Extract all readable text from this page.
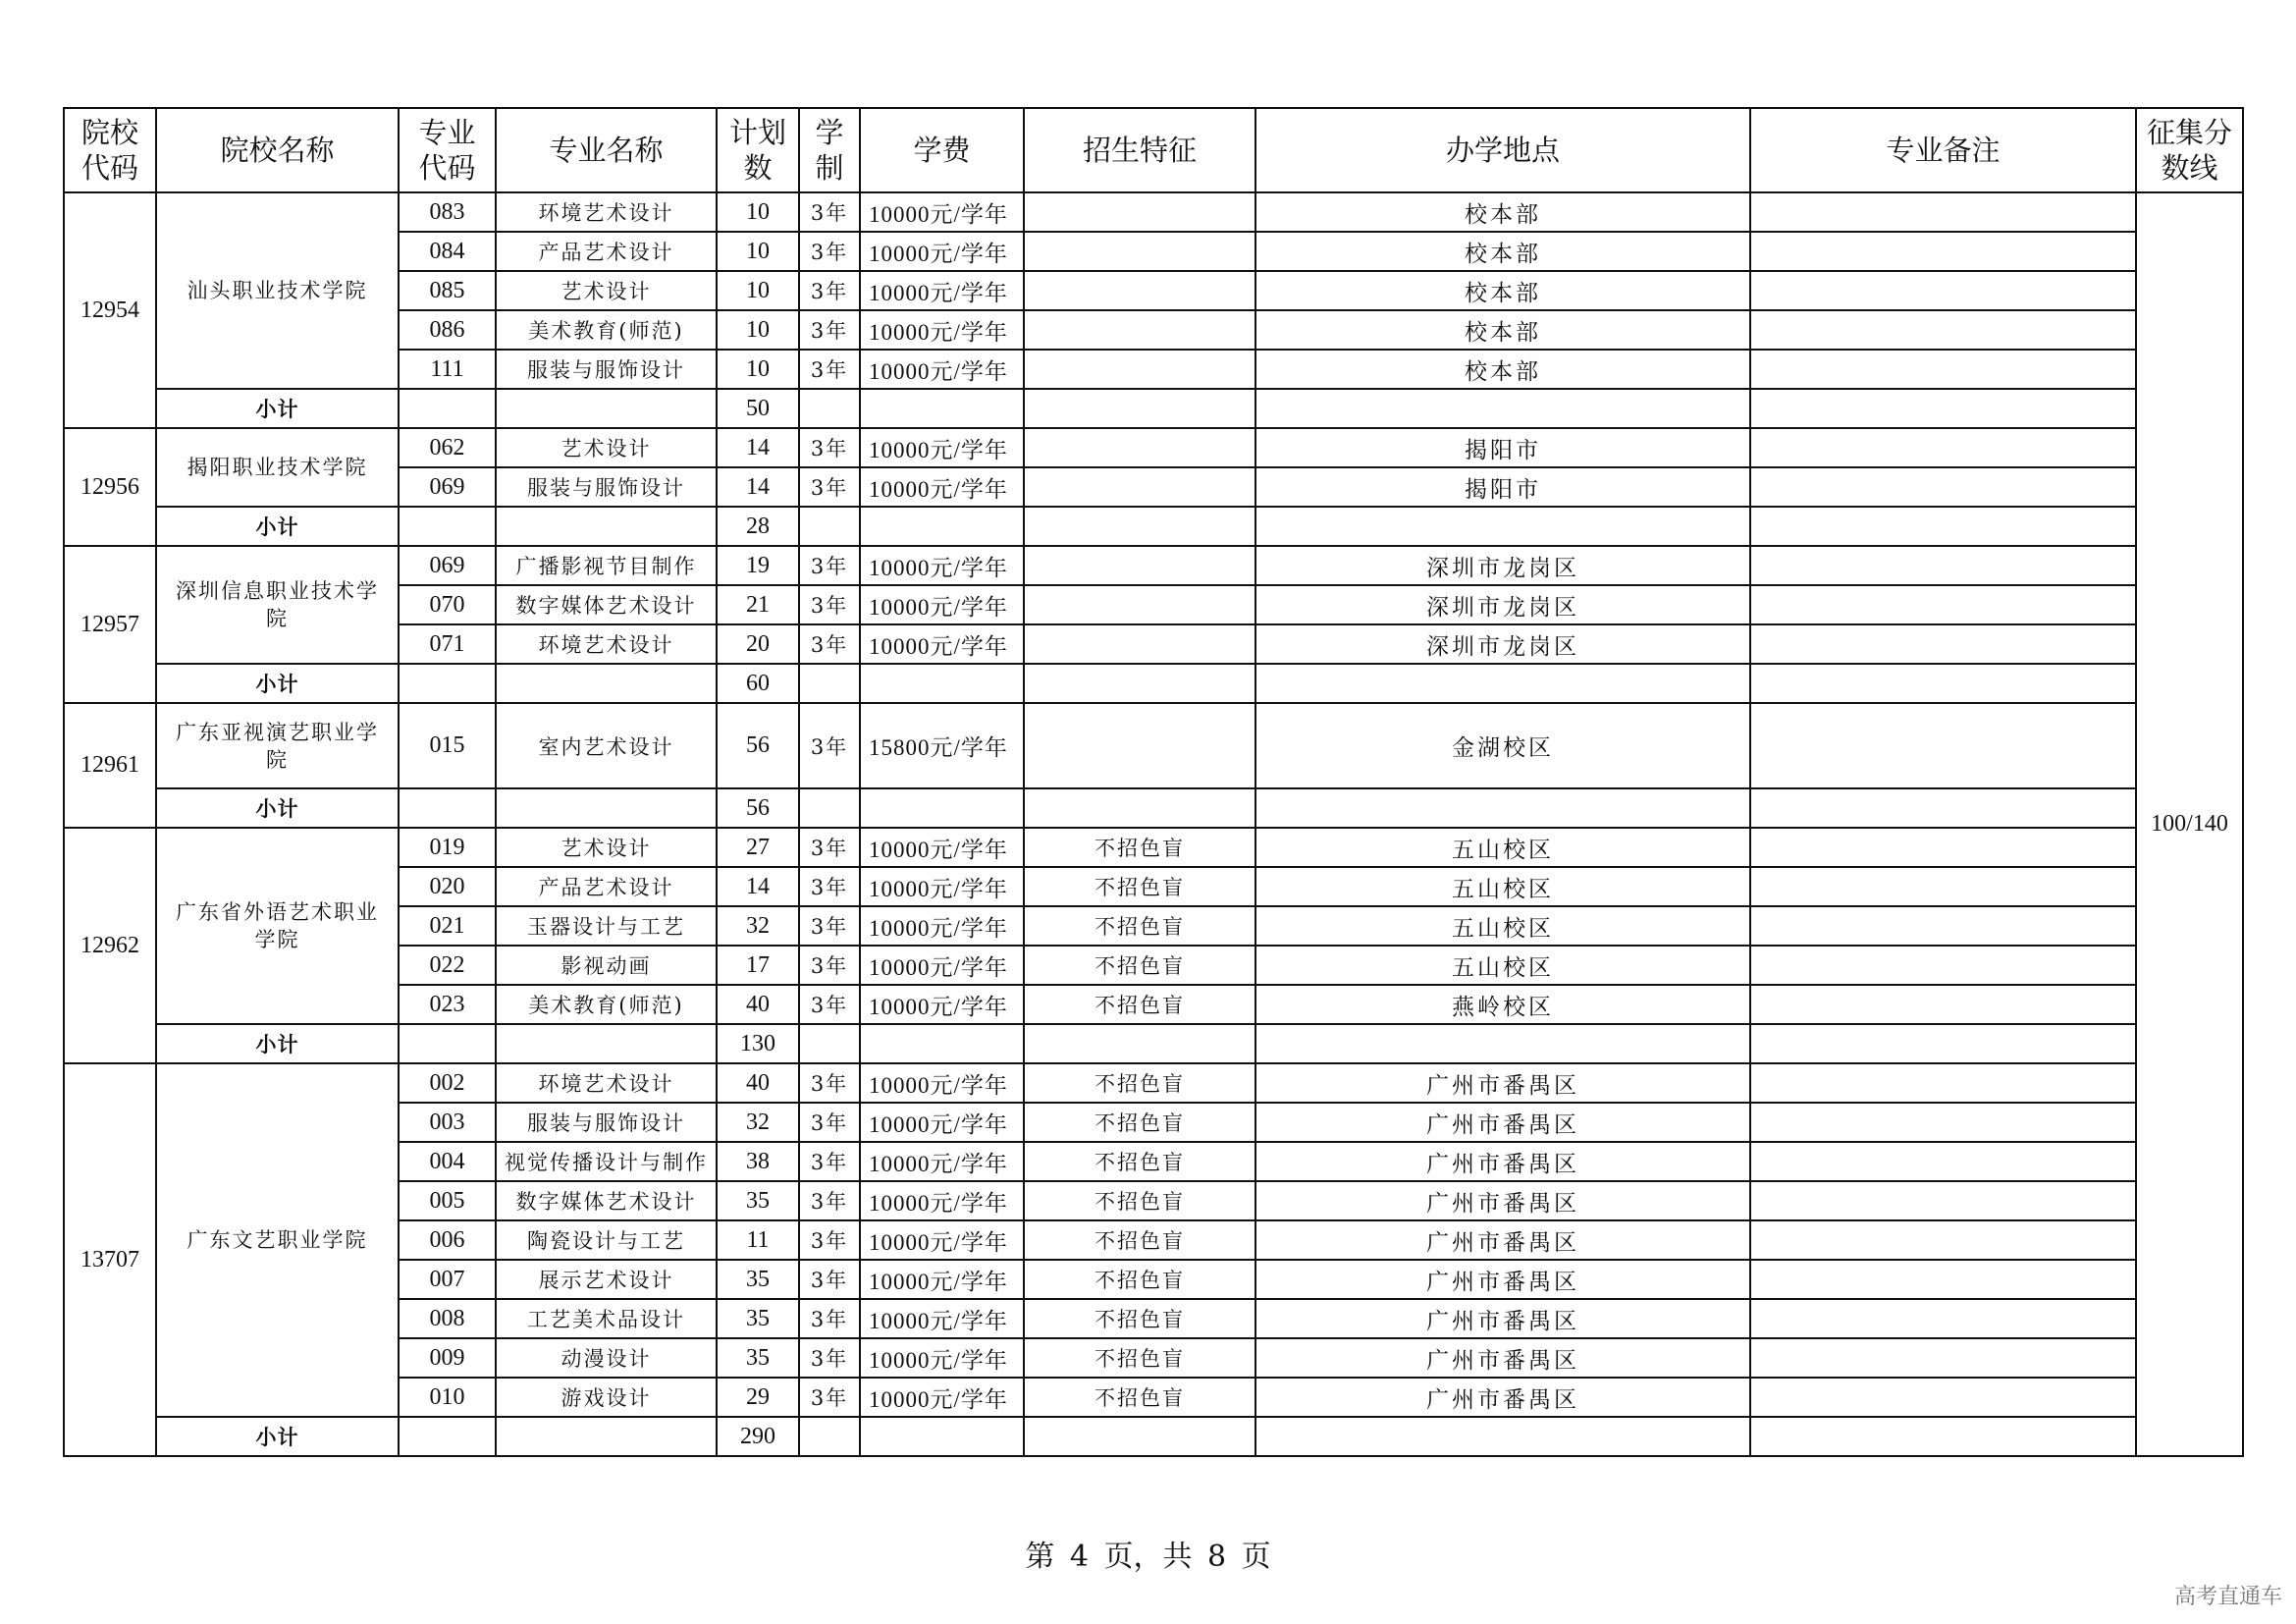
院校代码	院校名称	专业代码	专业名称	计划数	学制	学费	招生特征	办学地点	专业备注	征集分数线

12954	汕头职业技术学院	083	环境艺术设计	10	3年	10000元/学年		校本部		100/140
		084	产品艺术设计	10	3年	10000元/学年		校本部		
		085	艺术设计	10	3年	10000元/学年		校本部		
		086	美术教育(师范)	10	3年	10000元/学年		校本部		
		111	服装与服饰设计	10	3年	10000元/学年		校本部		
	小计			50						
12956	揭阳职业技术学院	062	艺术设计	14	3年	10000元/学年		揭阳市		
		069	服装与服饰设计	14	3年	10000元/学年		揭阳市		
	小计			28						
12957	深圳信息职业技术学院	069	广播影视节目制作	19	3年	10000元/学年		深圳市龙岗区		
		070	数字媒体艺术设计	21	3年	10000元/学年		深圳市龙岗区		
		071	环境艺术设计	20	3年	10000元/学年		深圳市龙岗区		
	小计			60						
12961	广东亚视演艺职业学院	015	室内艺术设计	56	3年	15800元/学年		金湖校区		
	小计			56						
12962	广东省外语艺术职业学院	019	艺术设计	27	3年	10000元/学年	不招色盲	五山校区		
		020	产品艺术设计	14	3年	10000元/学年	不招色盲	五山校区		
		021	玉器设计与工艺	32	3年	10000元/学年	不招色盲	五山校区		
		022	影视动画	17	3年	10000元/学年	不招色盲	五山校区		
		023	美术教育(师范)	40	3年	10000元/学年	不招色盲	燕岭校区		
	小计			130						
13707	广东文艺职业学院	002	环境艺术设计	40	3年	10000元/学年	不招色盲	广州市番禺区		
		003	服装与服饰设计	32	3年	10000元/学年	不招色盲	广州市番禺区		
		004	视觉传播设计与制作	38	3年	10000元/学年	不招色盲	广州市番禺区		
		005	数字媒体艺术设计	35	3年	10000元/学年	不招色盲	广州市番禺区		
		006	陶瓷设计与工艺	11	3年	10000元/学年	不招色盲	广州市番禺区		
		007	展示艺术设计	35	3年	10000元/学年	不招色盲	广州市番禺区		
		008	工艺美术品设计	35	3年	10000元/学年	不招色盲	广州市番禺区		
		009	动漫设计	35	3年	10000元/学年	不招色盲	广州市番禺区		
		010	游戏设计	29	3年	10000元/学年	不招色盲	广州市番禺区		
	小计			290						
第 4 页，共 8 页
高考直通车
